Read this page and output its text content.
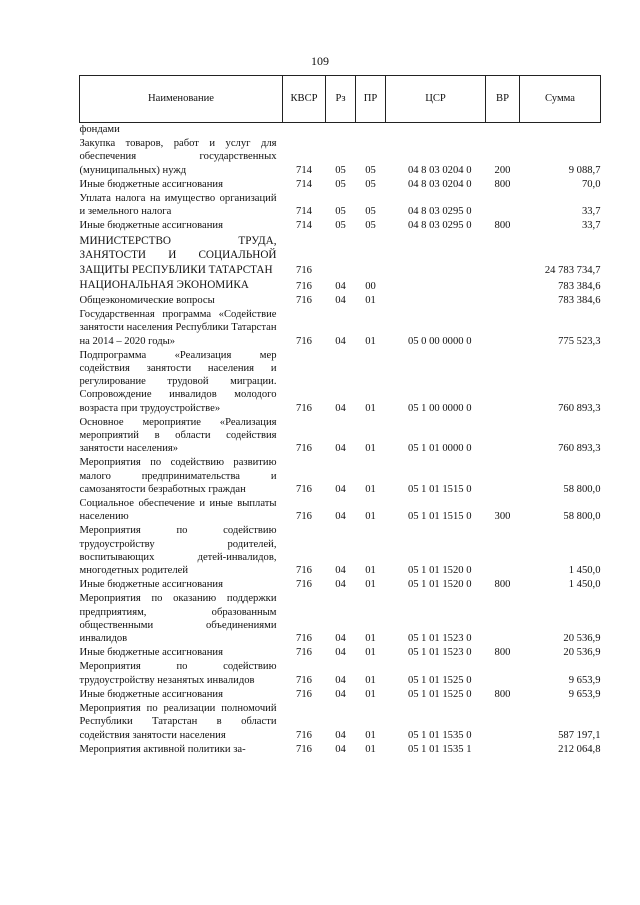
109
Наименование	КВСР	Рз	ПР	ЦСР	ВР	Сумма
фондами						
Закупка товаров, работ и услуг для обеспечения государственных (муниципальных) нужд	714	05	05	04 8 03 0204 0	200	9 088,7
Иные бюджетные ассигнования	714	05	05	04 8 03 0204 0	800	70,0
Уплата налога на имущество организаций и земельного налога	714	05	05	04 8 03 0295 0		33,7
Иные бюджетные ассигнования	714	05	05	04 8 03 0295 0	800	33,7
МИНИСТЕРСТВО ТРУДА, ЗАНЯТОСТИ И СОЦИАЛЬНОЙ ЗАЩИТЫ РЕСПУБЛИКИ ТАТАРСТАН	716					24 783 734,7
НАЦИОНАЛЬНАЯ ЭКОНОМИКА	716	04	00			783 384,6
Общеэкономические вопросы	716	04	01			783 384,6
Государственная программа «Содействие занятости населения Республики Татарстан на 2014 – 2020 годы»	716	04	01	05 0 00 0000 0		775 523,3
Подпрограмма «Реализация мер содействия занятости населения и регулирование трудовой миграции. Сопровождение инвалидов молодого возраста при трудоустройстве»	716	04	01	05 1 00 0000 0		760 893,3
Основное мероприятие «Реализация мероприятий в области содействия занятости населения»	716	04	01	05 1 01 0000 0		760 893,3
Мероприятия по содействию развитию малого предпринимательства и самозанятости безработных граждан	716	04	01	05 1 01 1515 0		58 800,0
Социальное обеспечение и иные выплаты населению	716	04	01	05 1 01 1515 0	300	58 800,0
Мероприятия по содействию трудоустройству родителей, воспитывающих детей-инвалидов, многодетных родителей	716	04	01	05 1 01 1520 0		1 450,0
Иные бюджетные ассигнования	716	04	01	05 1 01 1520 0	800	1 450,0
Мероприятия по оказанию поддержки предприятиям, образованным общественными объединениями инвалидов	716	04	01	05 1 01 1523 0		20 536,9
Иные бюджетные ассигнования	716	04	01	05 1 01 1523 0	800	20 536,9
Мероприятия по содействию трудоустройству незанятых инвалидов	716	04	01	05 1 01 1525 0		9 653,9
Иные бюджетные ассигнования	716	04	01	05 1 01 1525 0	800	9 653,9
Мероприятия по реализации полномочий Республики Татарстан в области содействия занятости населения	716	04	01	05 1 01 1535 0		587 197,1
Мероприятия активной политики за-	716	04	01	05 1 01 1535 1		212 064,8
